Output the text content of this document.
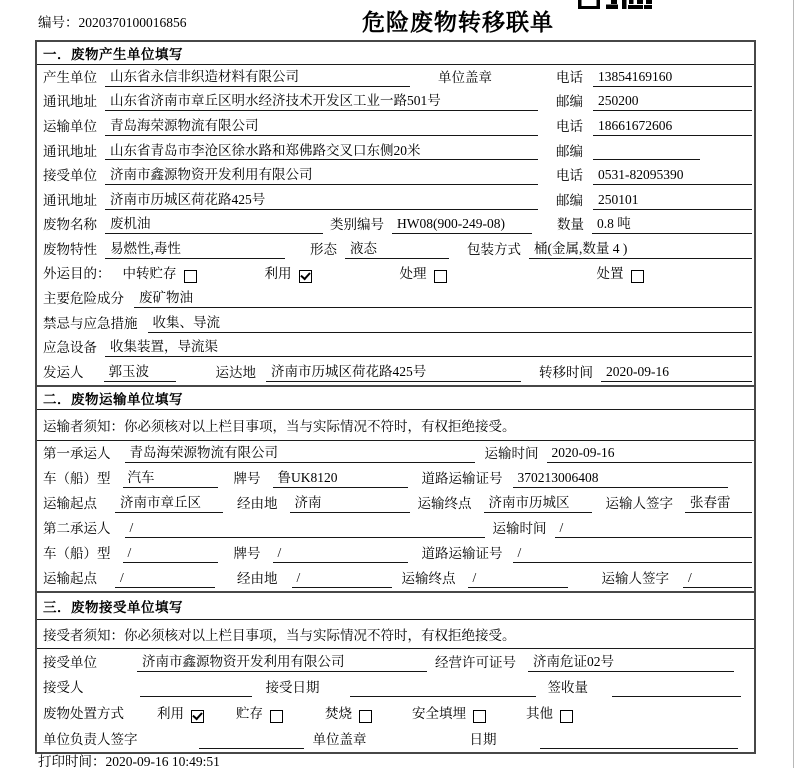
编号：2020370100016856	危险废物转移联单
一．废物产生单位填写
产生单位 山东省永信非织造材料有限公司	单位盖章	电话	13854169160
通讯地址 山东省济南市章丘区明水经济技术开发区工业一路501号	邮编	250200
运输单位 青岛海荣源物流有限公司	电话	18661672606
通讯地址 山东省青岛市李沧区徐水路和郑佛路交叉口东侧20米	邮编
接受单位 济南市鑫源物资开发利用有限公司	电话	0531-82095390
通讯地址 济南市历城区荷花路425号	邮编	250101
废物名称 废机油	类别编号 HW08(900-249-08)	数量 0.8 吨
废物特性 易燃性,毒性	形态 液态	包装方式 桶(金属,数量 4 )
外运目的： 中转贮存	利用	处理	处置
主要危险成分	废矿物油
禁忌与应急措施	收集、导流
应急设备 收集装置，导流渠
发运人	郭玉波	运达地	济南市历城区荷花路425号	转移时间 2020-09-16
二．废物运输单位填写
运输者须知：你必须核对以上栏目事项，当与实际情况不符时，有权拒绝接受。
第一承运人	青岛海荣源物流有限公司	运输时间 2020-09-16
车（船）型	汽车	牌号	鲁UK8120	道路运输证号	370213006408
运输起点	济南市章丘区	经由地	济南	运输终点	济南市历城区	运输人签字	张春雷
第二承运人	/	运输时间 /
车（船）型	/	牌号	/	道路运输证号	/
运输起点	/	经由地	/	运输终点	/	运输人签字	/
三．废物接受单位填写
接受者须知：你必须核对以上栏目事项，当与实际情况不符时，有权拒绝接受。
接受单位	济南市鑫源物资开发利用有限公司	经营许可证号	济南危证02号
接受人	接受日期	签收量
废物处置方式 利用	贮存	焚烧	安全填埋	其他
单位负责人签字	单位盖章	日期
打印时间：2020-09-16 10:49:51
